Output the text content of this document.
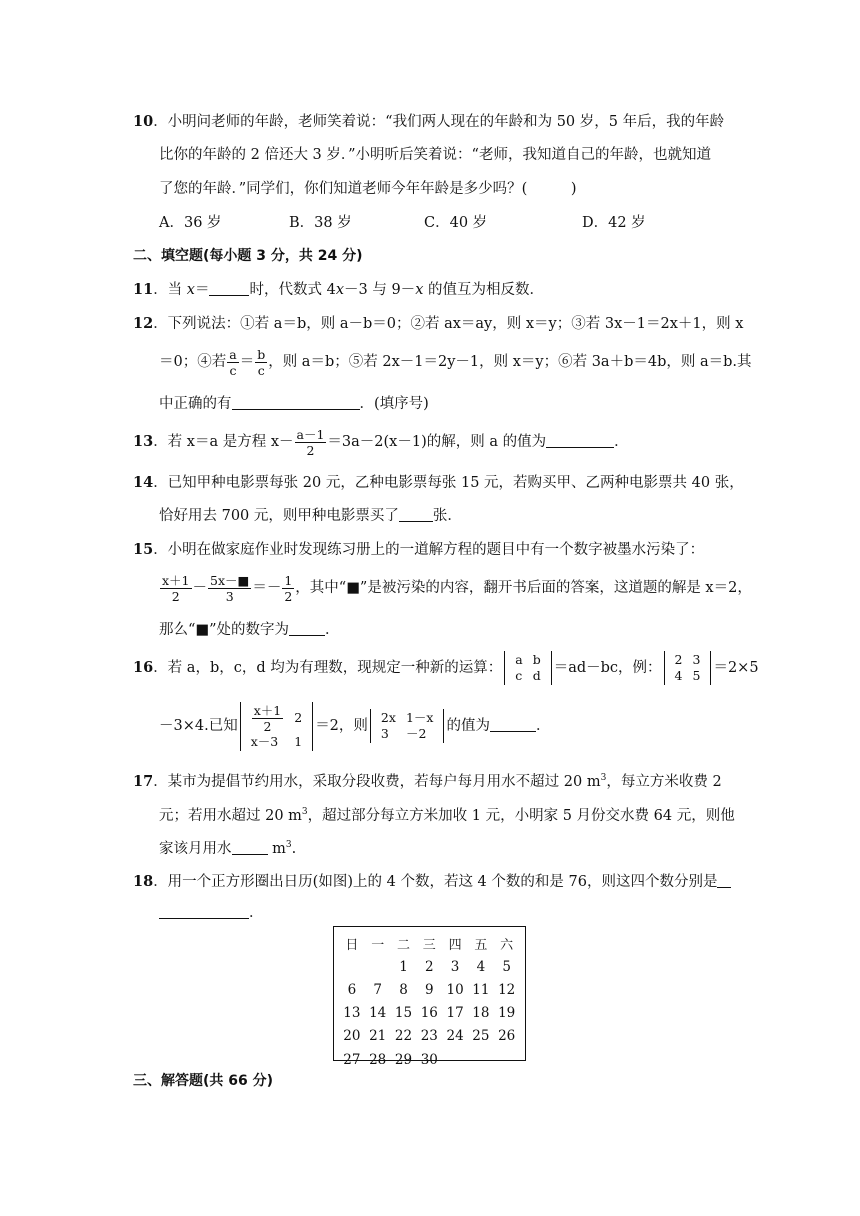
10．小明问老师的年龄，老师笑着说：“我们两人现在的年龄和为 50 岁，5 年后，我的年龄
比你的年龄的 2 倍还大 3 岁．”小明听后笑着说：“老师，我知道自己的年龄，也就知道
了您的年龄．”同学们，你们知道老师今年年龄是多少吗？(　　　)
A．36 岁	B．38 岁	C．40 岁	D．42 岁
二、填空题(每小题 3 分，共 24 分)
11．当 x＝	时，代数式 4x－3 与 9－x 的值互为相反数．
12．下列说法：①若 a＝b，则 a－b＝0；②若 ax＝ay，则 x＝y；③若 3x－1＝2x＋1，则 x
＝0；④若 $\frac{a}{c} = \frac{b}{c}$ ，则 a＝b；⑤若 2x－1＝2y－1，则 x＝y；⑥若 3a＋b＝4b，则 a＝b.其
中正确的有	．(填序号)
13．若 x＝a 是方程 $x- \frac{a-1}{2} =3a-2(x-1)$的解，则 a 的值为	．
14．已知甲种电影票每张 20 元，乙种电影票每张 15 元，若购买甲、乙两种电影票共 40 张，
恰好用去 700 元，则甲种电影票买了 张．
15．小明在做家庭作业时发现练习册上的一道解方程的题目中有一个数字被墨水污染了：
$\frac{x+1}{2} - \frac{5x-■}{3} =- \frac{1}{2}$ ，其中“■”是被污染的内容，翻开书后面的答案，这道题的解是 x＝2，
那么“■”处的数字为 ．
16．若 a，b，c，d 均为有理数，现规定一种新的运算：
a	b
c	d ＝ad－bc，例：
2	3
4	5 ＝2×5
－3×4.已知 $\frac{x+1}{2}$	2
x－3	1
＝2，则
2x	1－x
3	－2 的值为	．
17．某市为提倡节约用水，采取分段收费，若每户每月用水不超过 20 $m^3$，每立方米收费 2
元；若用水超过 20 $m^3$，超过部分每立方米加收 1 元，小明家 5 月份交水费 64 元，则他
家该月用水 $m^3$.
18．用一个正方形圈出日历(如图)上的 4 个数，若这 4 个数的和是 76，则这四个数分别是
．
日	一	二	三	四	五	六
		1	2	3	4	5
6	7	8	9	10	11	12
13	14	15	16	17	18	19
20	21	22	23	24	25	26
27	28	29	30			
三、解答题(共 66 分)
